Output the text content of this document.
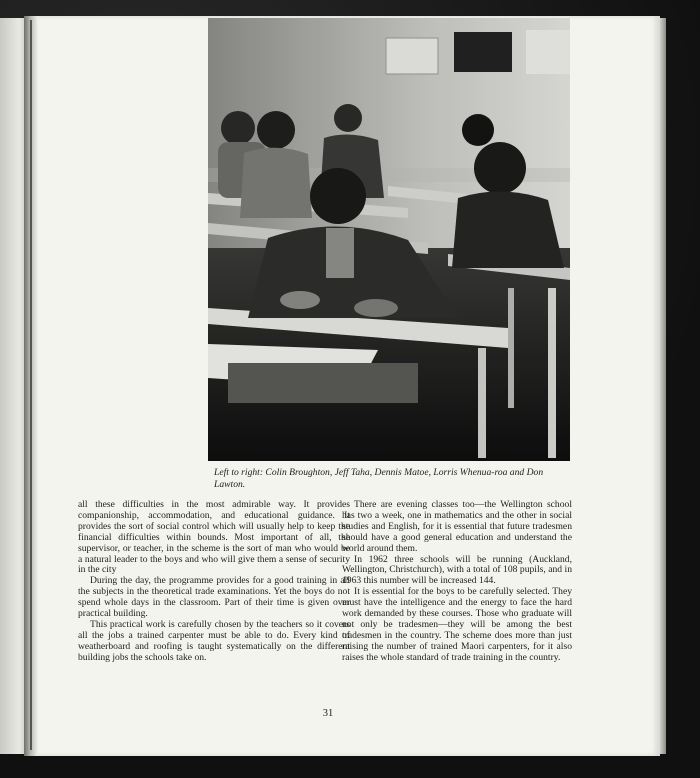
Left to right: Colin Broughton, Jeff Taha, Dennis Matoe, Lorris Whenua-roa and Don Lawton.

all these difficulties in the most admirable way. It provides companionship, accommodation, and educational guidance. It provides the sort of social control which will usually help to keep the financial difficulties within bounds. Most important of all, the supervisor, or teacher, in the scheme is the sort of man who would be a natural leader to the boys and who will give them a sense of security in the city

During the day, the programme provides for a good training in all the subjects in the theoretical trade examinations. Yet the boys do not spend whole days in the classroom. Part of their time is given over practical building.

This practical work is carefully chosen by the teachers so it covers all the jobs a trained carpenter must be able to do. Every kind of weatherboard and roofing is taught systematically on the different building jobs the schools take on.

There are evening classes too—the Wellington school has two a week, one in mathematics and the other in social studies and English, for it is essential that future tradesmen should have a good general education and understand the world around them.

In 1962 three schools will be running (Auckland, Wellington, Christchurch), with a total of 108 pupils, and in 1963 this number will be increased 144.

It is essential for the boys to be carefully selected. They must have the intelligence and the energy to face the hard work demanded by these courses. Those who graduate will not only be tradesmen—they will be among the best tradesmen in the country. The scheme does more than just raising the number of trained Maori carpenters, for it also raises the whole standard of trade training in the country.

31
